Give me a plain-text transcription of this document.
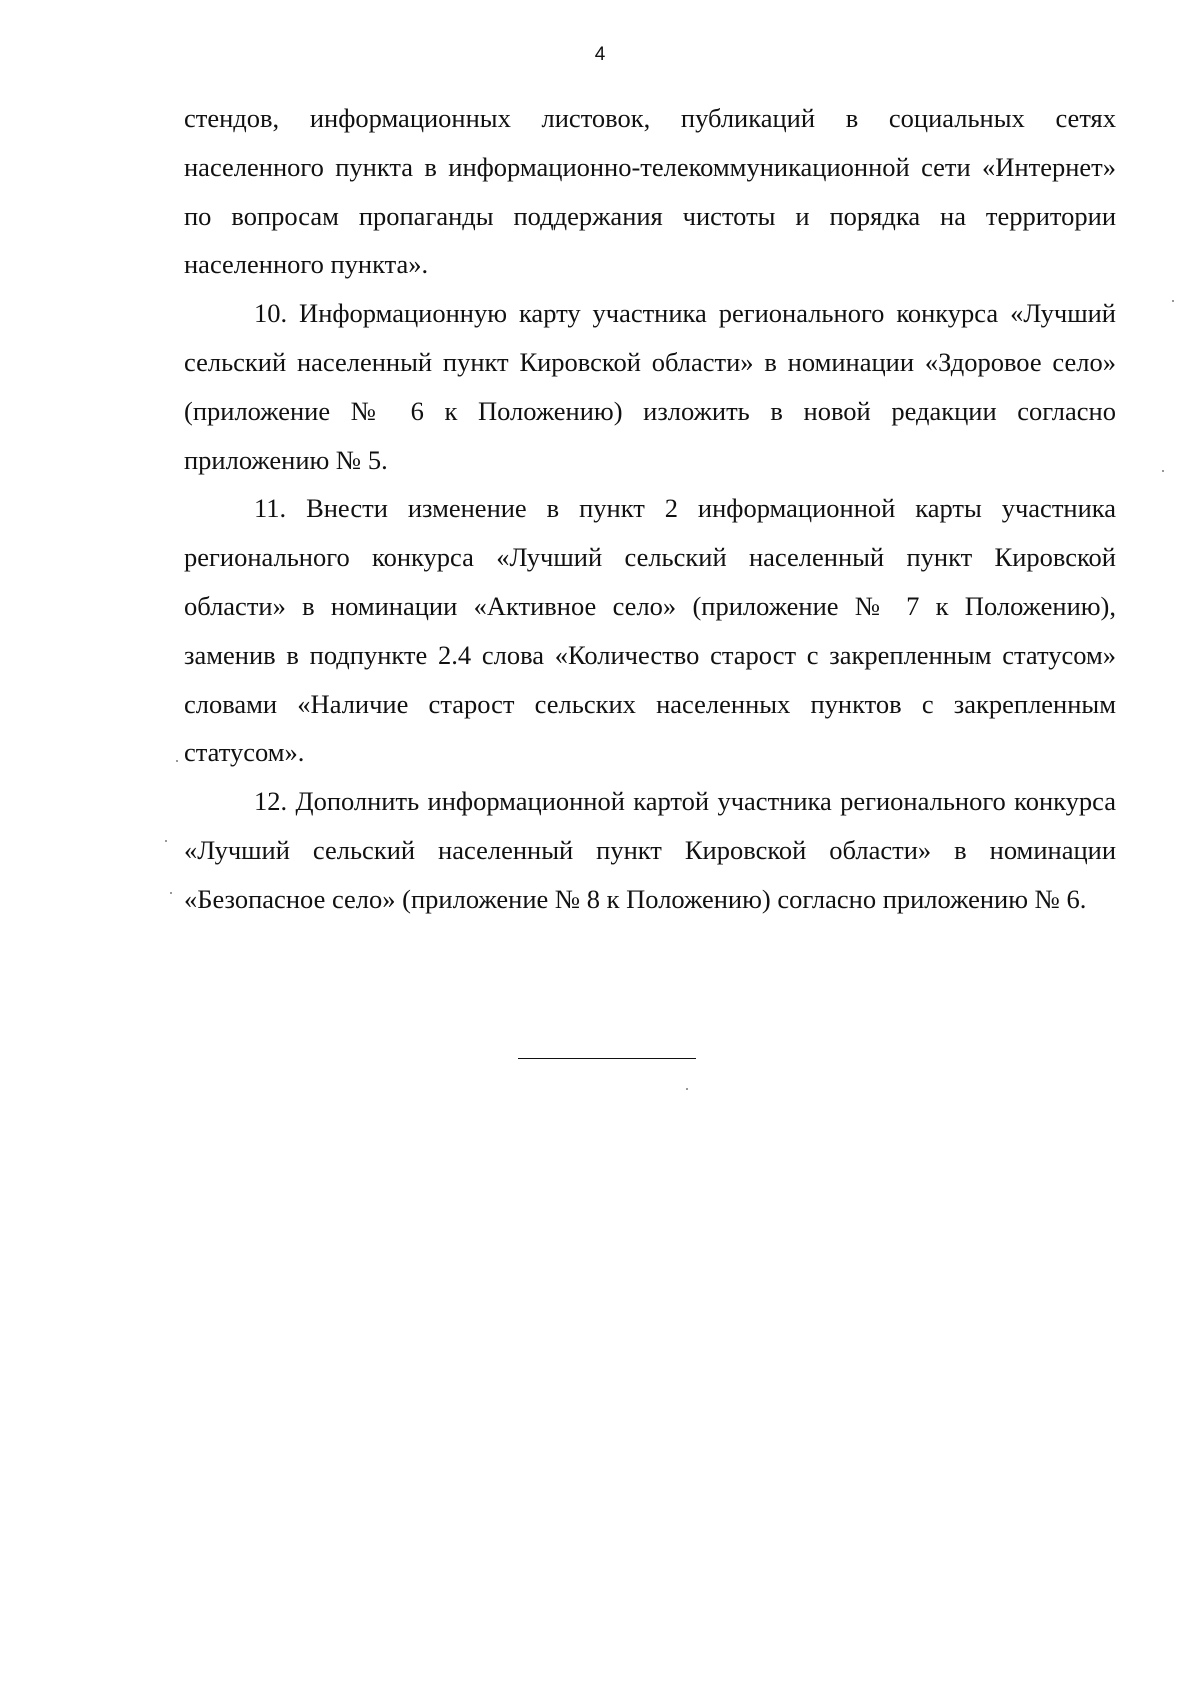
4

стендов, информационных листовок, публикаций в социальных сетях населенного пункта в информационно-телекоммуникационной сети «Интернет» по вопросам пропаганды поддержания чистоты и порядка на территории населенного пункта».

10. Информационную карту участника регионального конкурса «Лучший сельский населенный пункт Кировской области» в номинации «Здоровое село» (приложение № 6 к Положению) изложить в новой редакции согласно приложению № 5.

11. Внести изменение в пункт 2 информационной карты участника регионального конкурса «Лучший сельский населенный пункт Кировской области» в номинации «Активное село» (приложение № 7 к Положению), заменив в подпункте 2.4 слова «Количество старост с закрепленным статусом» словами «Наличие старост сельских населенных пунктов с закрепленным статусом».

12. Дополнить информационной картой участника регионального конкурса «Лучший сельский населенный пункт Кировской области» в номинации «Безопасное село» (приложение № 8 к Положению) согласно приложению № 6.
